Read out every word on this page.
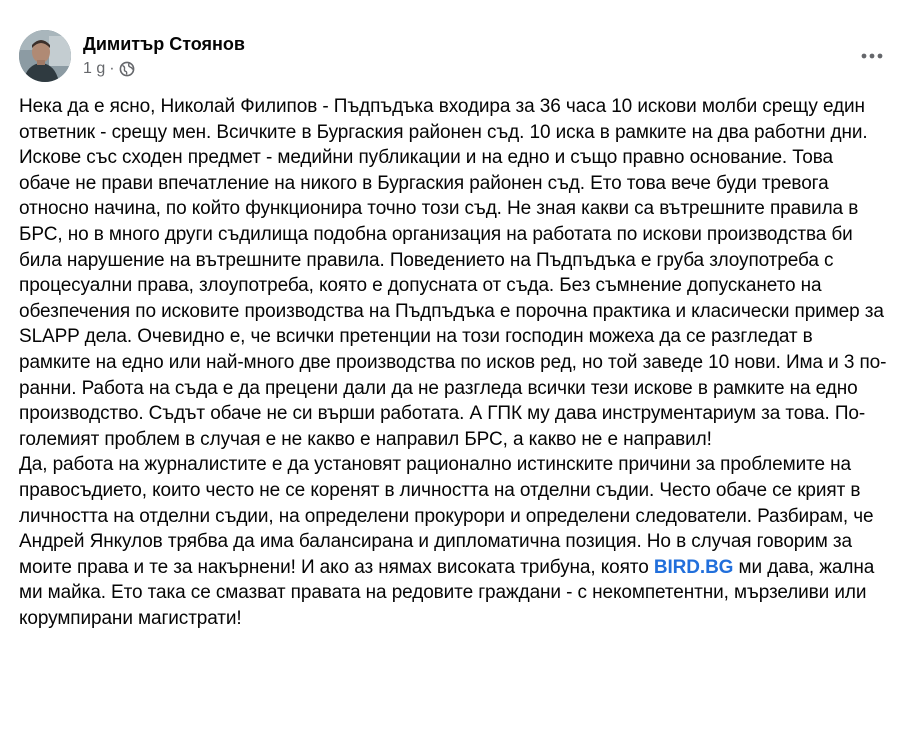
Димитър Стоянов
1 g ·

Нека да е ясно, Николай Филипов - Пъдпъдъка входира за 36 часа 10 искови молби срещу един ответник - срещу мен. Всичките в Бургаския районен съд. 10 иска в рамките на два работни дни. Искове със сходен предмет - медийни публикации и на едно и също правно основание. Това обаче не прави впечатление на никого в Бургаския районен съд. Ето това вече буди тревога относно начина, по който функционира точно този съд. Не зная какви са вътрешните правила в БРС, но в много други съдилища подобна организация на работата по искови производства би била нарушение на вътрешните правила. Поведението на Пъдпъдъка е груба злоупотреба с процесуални права, злоупотреба, която е допусната от съда. Без съмнение допускането на обезпечения по исковите производства на Пъдпъдъка е порочна практика и класически пример за SLAPP дела. Очевидно е, че всички претенции на този господин можеха да се разгледат в рамките на едно или най-много две производства по исков ред, но той заведе 10 нови. Има и 3 по-ранни. Работа на съда е да прецени дали да не разгледа всички тези искове в рамките на едно производство. Съдът обаче не си върши работата. А ГПК му дава инструментариум за това. По-големият проблем в случая е не какво е направил БРС, а какво не е направил!

Да, работа на журналистите е да установят рационално истинските причини за проблемите на правосъдието, които често не се коренят в личността на отделни съдии. Често обаче се крият в личността на отделни съдии, на определени прокурори и определени следователи. Разбирам, че Андрей Янкулов трябва да има балансирана и дипломатична позиция. Но в случая говорим за моите права и те за накърнени! И ако аз нямах високата трибуна, която BIRD.BG ми дава, жална ми майка. Ето така се смазват правата на редовите граждани - с некомпетентни, мързеливи или корумпирани магистрати!
